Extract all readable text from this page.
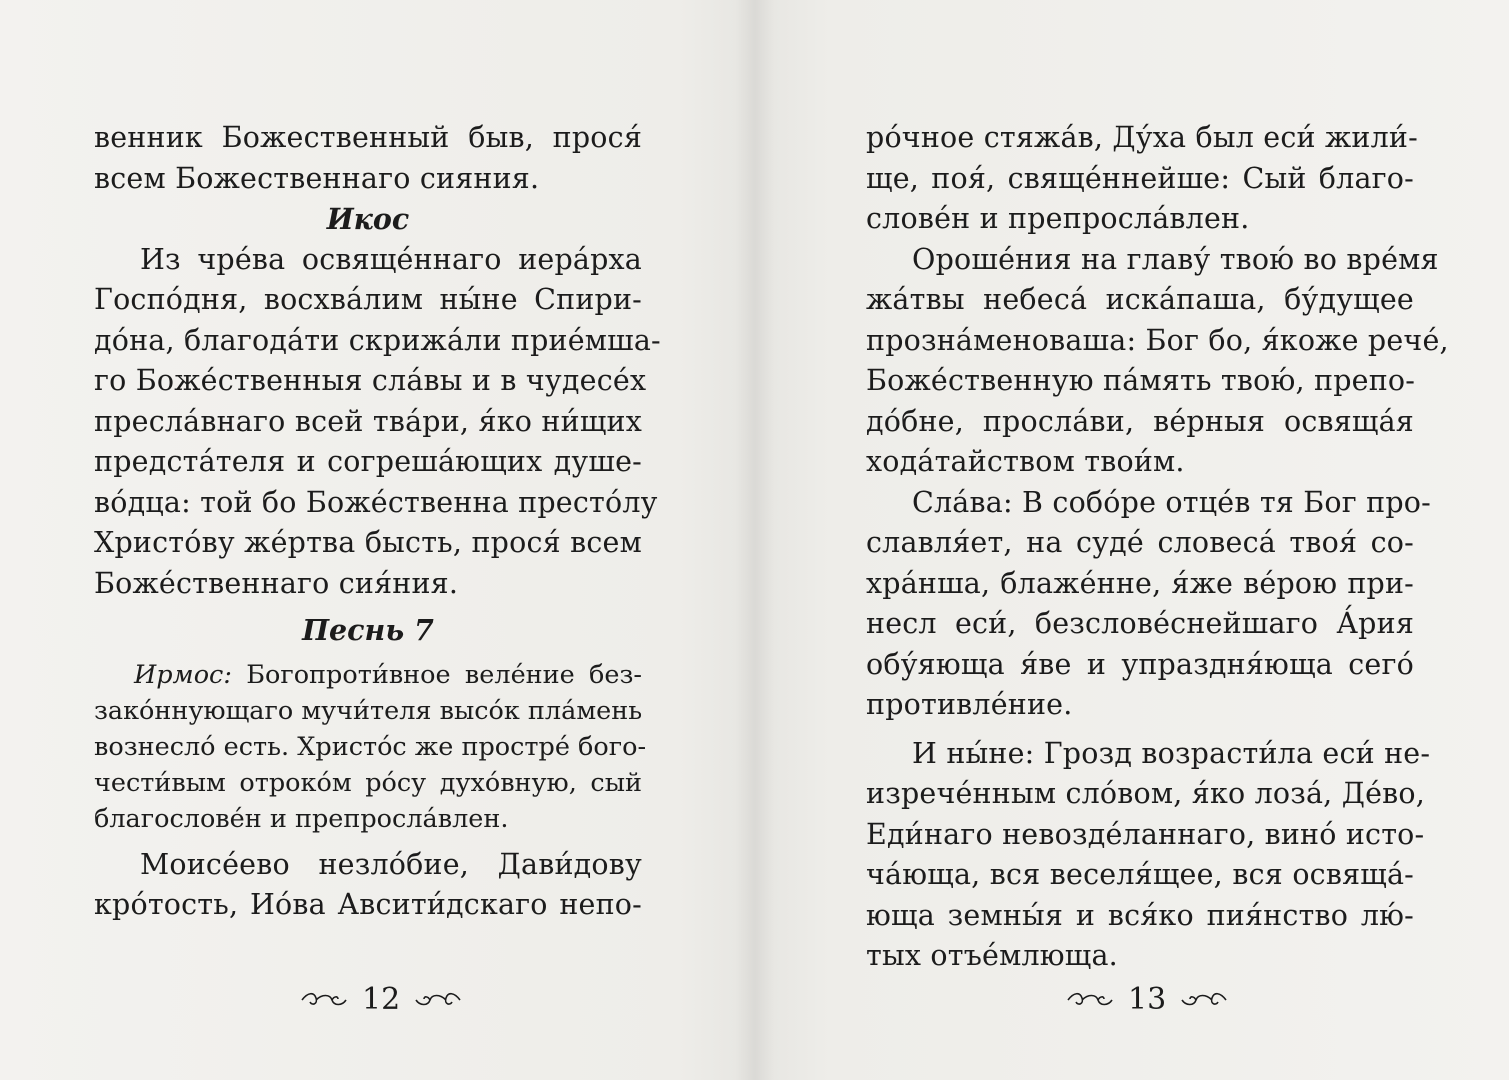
венник Божественный быв, прося́
всем Божественнаго сияния.
Икос
Из чре́ва освяще́ннаго иера́рха
Госпо́дня, восхва́лим ны́не Спири-
до́на, благода́ти скрижа́ли прие́мша-
го Боже́ственныя сла́вы и в чудесе́х
пресла́внаго всей тва́ри, я́ко ни́щих
предста́теля и согреша́ющих душе-
во́дца: той бо Боже́ственна престо́лу
Христо́ву же́ртва бысть, прося́ всем
Боже́ственнаго сия́ния.
Песнь 7
Ирмос: Богопроти́вное веле́ние без-
зако́ннующаго мучи́теля высо́к пла́мень
вознесло́ есть. Христо́с же простре́ бого-
чести́вым отроко́м ро́су духо́вную, сый
благослове́н и препросла́влен.
Моисе́ево незло́бие, Дави́дову
кро́тость, Ио́ва Авсити́дскаго непо-
12
ро́чное стяжа́в, Ду́ха был еси́ жили́-
ще, поя́, свяще́ннейше: Сый благо-
слове́н и препросла́влен.
Ороше́ния на главу́ твою́ во вре́мя
жа́твы небеса́ иска́паша, бу́дущее
прозна́меноваша: Бог бо, я́коже рече́,
Боже́ственную па́мять твою́, препо-
до́бне, просла́ви, ве́рныя освяща́я
хода́тайством твои́м.
Сла́ва: В собо́ре отце́в тя Бог про-
славля́ет, на суде́ словеса́ твоя́ со-
хра́нша, блаже́нне, я́же ве́рою при-
несл еси́, безслове́снейшаго А́рия
обу́яюща я́ве и упраздня́юща сего́
противле́ние.
И ны́не: Грозд возрасти́ла еси́ не-
изрече́нным сло́вом, я́ко лоза́, Де́во,
Еди́наго невозде́ланнаго, вино́ исто-
ча́юща, вся веселя́щее, вся освяща́-
юща земны́я и вся́ко пия́нство лю́-
тых отъе́млюща.
13
